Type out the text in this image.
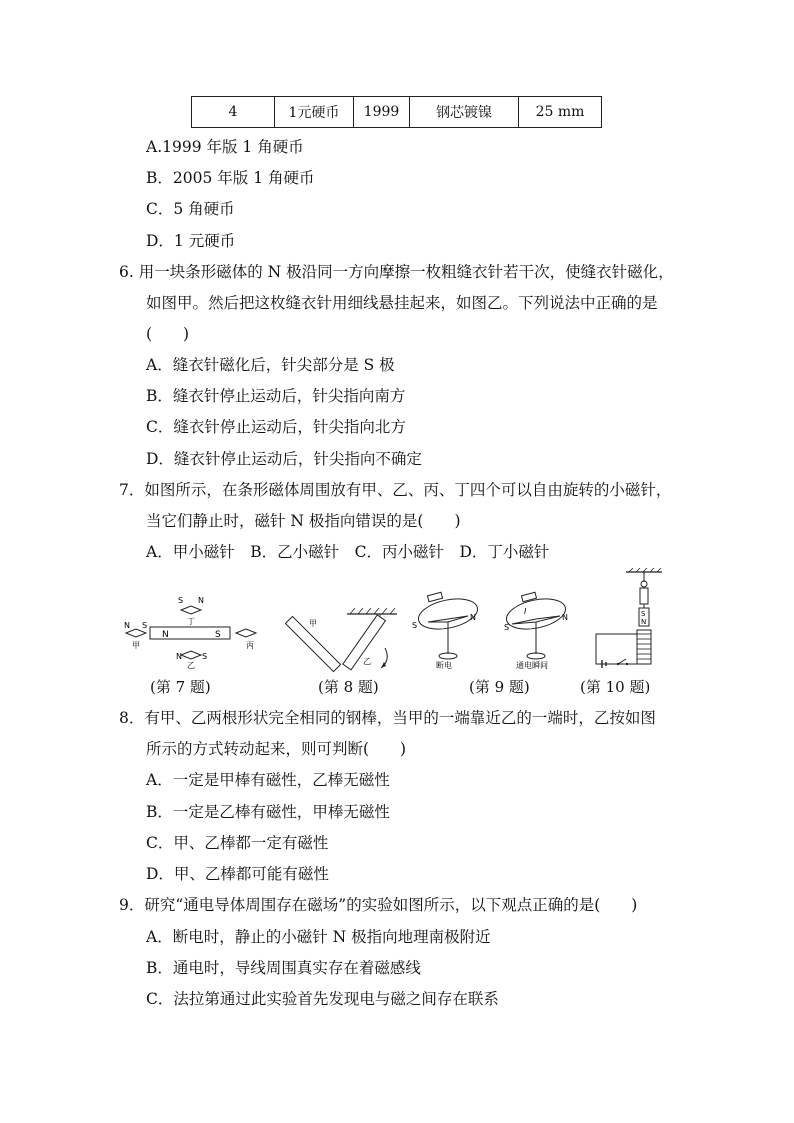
4	1元硬币	1999	钢芯镀镍	25 mm
A.1999 年版 1 角硬币
B．2005 年版 1 角硬币
C．5 角硬币
D．1 元硬币
6. 用一块条形磁体的 N 极沿同一方向摩擦一枚粗缝衣针若干次，使缝衣针磁化，
如图甲。然后把这枚缝衣针用细线悬挂起来，如图乙。下列说法中正确的是
(　　)
A．缝衣针磁化后，针尖部分是 S 极
B．缝衣针停止运动后，针尖指向南方
C．缝衣针停止运动后，针尖指向北方
D．缝衣针停止运动后，针尖指向不确定
7．如图所示，在条形磁体周围放有甲、乙、丙、丁四个可以自由旋转的小磁针，
当它们静止时，磁针 N 极指向错误的是(　　)
A．甲小磁针　B．乙小磁针　C．丙小磁针　D．丁小磁针
N	S
N S
甲	丙
S N
丁
N	S
乙
甲
乙
S
N
断电
I
S
N
通电瞬间
S
N
(第 7 题)	(第 8 题)	(第 9 题)	(第 10 题)
8．有甲、乙两根形状完全相同的钢棒，当甲的一端靠近乙的一端时，乙按如图
所示的方式转动起来，则可判断(　　)
A．一定是甲棒有磁性，乙棒无磁性
B．一定是乙棒有磁性，甲棒无磁性
C．甲、乙棒都一定有磁性
D．甲、乙棒都可能有磁性
9．研究“通电导体周围存在磁场”的实验如图所示，以下观点正确的是(　　)
A．断电时，静止的小磁针 N 极指向地理南极附近
B．通电时，导线周围真实存在着磁感线
C．法拉第通过此实验首先发现电与磁之间存在联系
